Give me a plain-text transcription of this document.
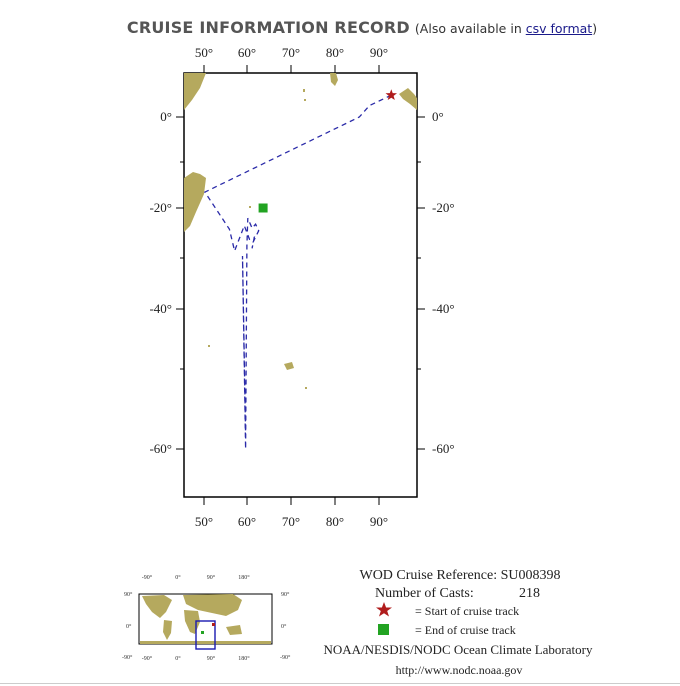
CRUISE INFORMATION RECORD (Also available in csv format)
50° 60° 70° 80° 90°
50° 60° 70° 80° 90°
0°
-20°
-40°
-60°
0°
-20°
-40°
-60°
-90°	0°	90°	180°
-90°	0°	90°	180°
90°
0°
-90°
90°
0°
-90°
WOD Cruise Reference: SU008398
Number of Casts:	218
= Start of cruise track
= End of cruise track
NOAA/NESDIS/NODC Ocean Climate Laboratory
http://www.nodc.noaa.gov
